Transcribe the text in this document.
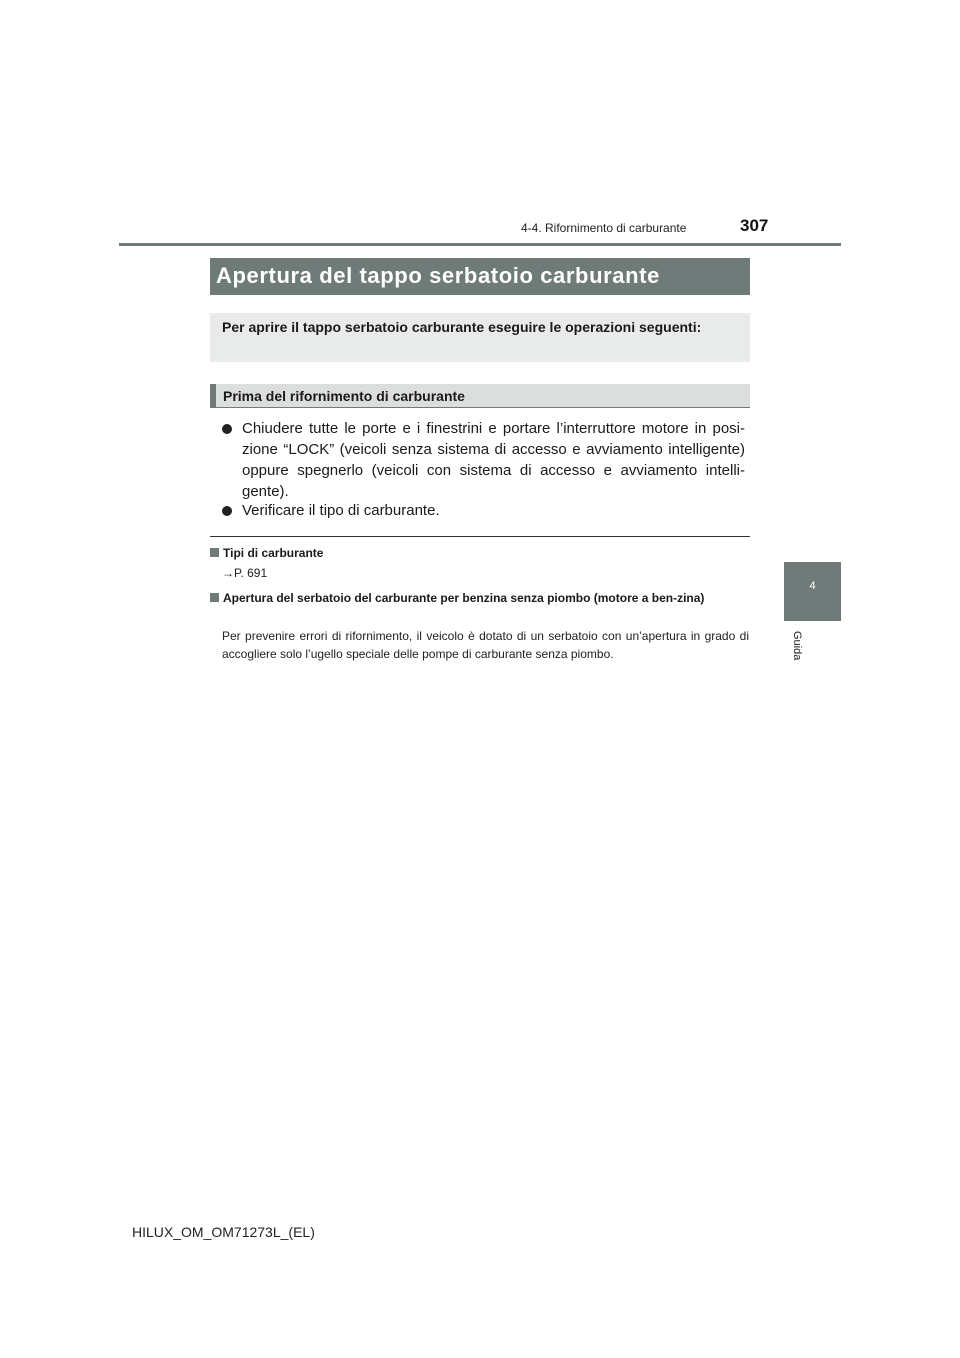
4-4. Rifornimento di carburante	307
4
Guida
Apertura del tappo serbatoio carburante
Per aprire il tappo serbatoio carburante eseguire le operazioni seguenti:
Prima del rifornimento di carburante
Chiudere tutte le porte e i finestrini e portare l’interruttore motore in posi-zione “LOCK” (veicoli senza sistema di accesso e avviamento intelligente) oppure spegnerlo (veicoli con sistema di accesso e avviamento intelli-gente).
Verificare il tipo di carburante.
Tipi di carburante
→P. 691
Apertura del serbatoio del carburante per benzina senza piombo (motore a ben-zina)
Per prevenire errori di rifornimento, il veicolo è dotato di un serbatoio con un’apertura in grado di accogliere solo l’ugello speciale delle pompe di carburante senza piombo.
HILUX_OM_OM71273L_(EL)
